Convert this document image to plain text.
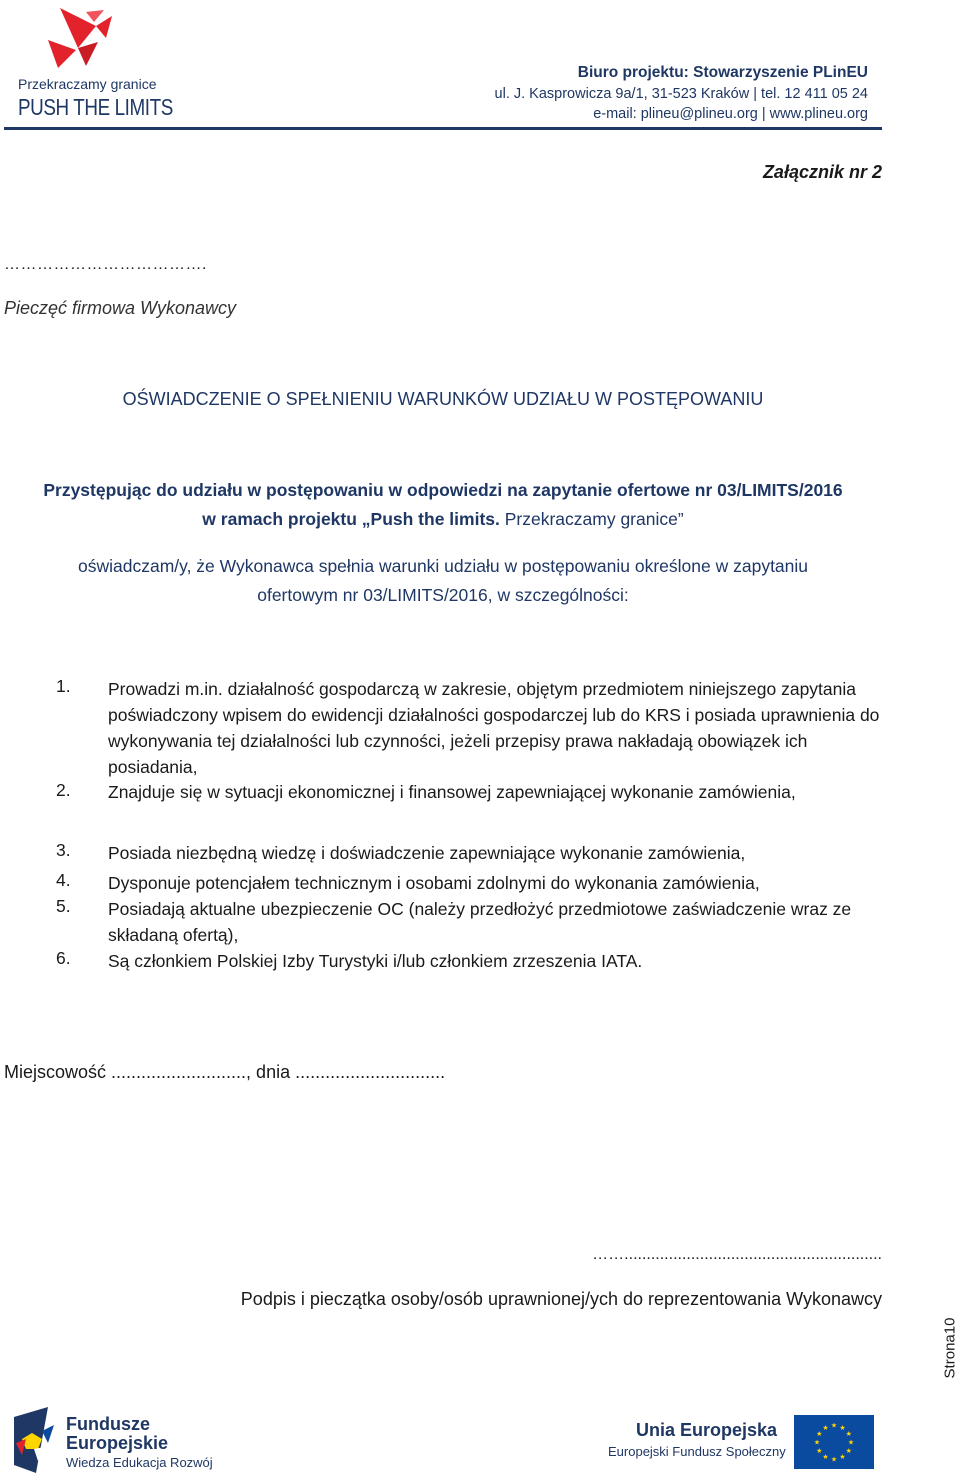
Przekraczamy granice
PUSH THE LIMITS
Biuro projektu: Stowarzyszenie PLinEU
ul. J. Kasprowicza 9a/1, 31-523 Kraków | tel. 12 411 05 24
e-mail: plineu@plineu.org | www.plineu.org
Załącznik nr 2
……………………………….
Pieczęć firmowa Wykonawcy
OŚWIADCZENIE O SPEŁNIENIU WARUNKÓW UDZIAŁU W POSTĘPOWANIU
Przystępując do udziału w postępowaniu w odpowiedzi na zapytanie ofertowe nr 03/LIMITS/2016
w ramach projektu „Push the limits. Przekraczamy granice”
oświadczam/y, że Wykonawca spełnia warunki udziału w postępowaniu określone w zapytaniu
ofertowym nr 03/LIMITS/2016, w szczególności:
1.	Prowadzi m.in. działalność gospodarczą w zakresie, objętym przedmiotem niniejszego zapytania poświadczony wpisem do ewidencji działalności gospodarczej lub do KRS i posiada uprawnienia do wykonywania tej działalności lub czynności, jeżeli przepisy prawa nakładają obowiązek ich posiadania,
2.	Znajduje się w sytuacji ekonomicznej i finansowej zapewniającej wykonanie zamówienia,
3.	Posiada niezbędną wiedzę i doświadczenie zapewniające wykonanie zamówienia,
4.	Dysponuje potencjałem technicznym i osobami zdolnymi do wykonania zamówienia,
5.	Posiadają aktualne ubezpieczenie OC (należy przedłożyć przedmiotowe zaświadczenie wraz ze składaną ofertą),
6.	Są członkiem Polskiej Izby Turystyki i/lub członkiem zrzeszenia IATA.
Miejscowość ..........................., dnia ..............................
……..........................................................
Podpis i pieczątka osoby/osób uprawnionej/ych do reprezentowania Wykonawcy
Strona10
Fundusze
Europejskie
Wiedza Edukacja Rozwój
Unia Europejska
Europejski Fundusz Społeczny
★
★
★
★
★
★
★
★
★ ★ ★
★
